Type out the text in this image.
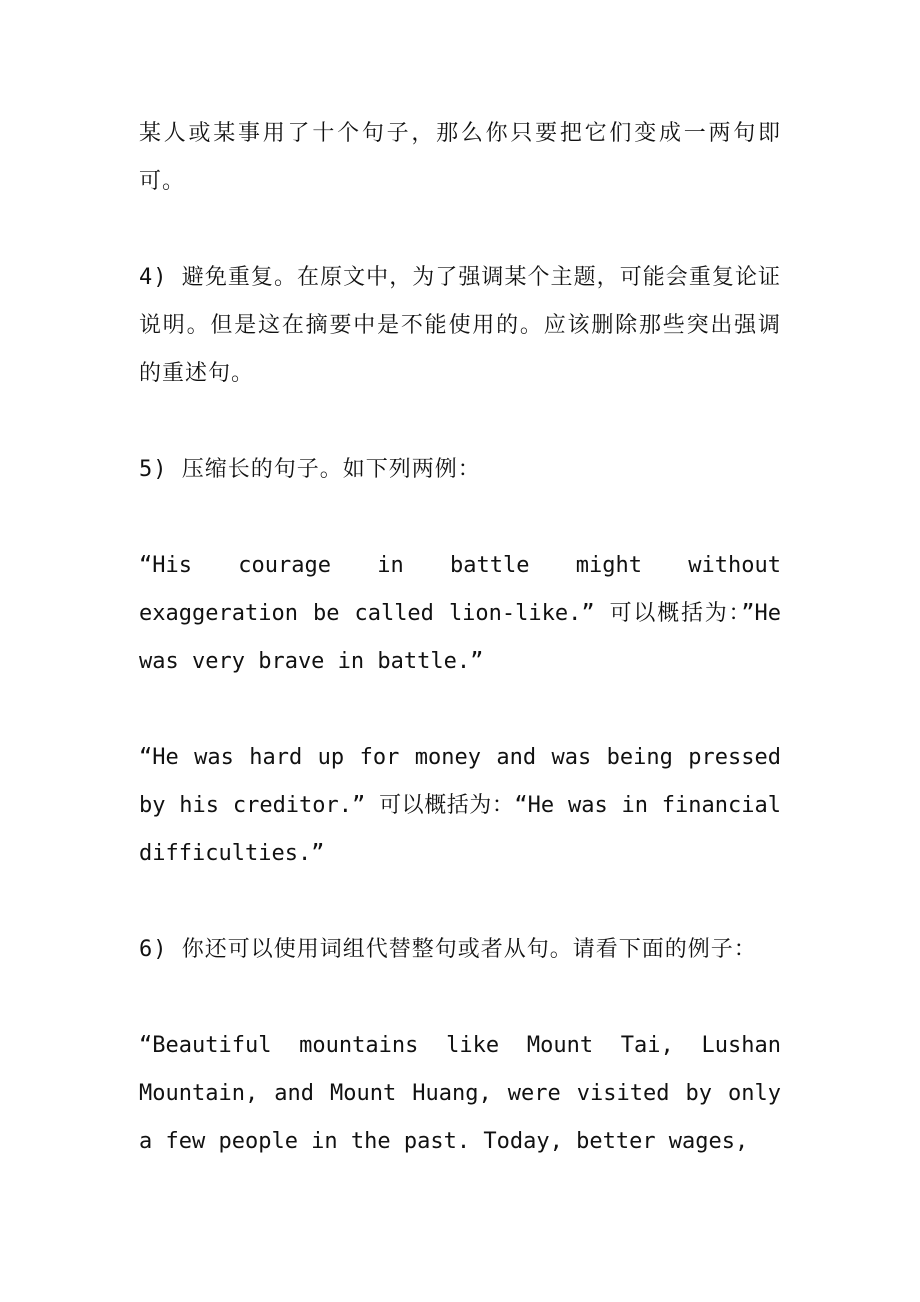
某人或某事用了十个句子，那么你只要把它们变成一两句即可。

4) 避免重复。在原文中，为了强调某个主题，可能会重复论证说明。但是这在摘要中是不能使用的。应该删除那些突出强调的重述句。

5) 压缩长的句子。如下列两例：

“His courage in battle might without exaggeration be called lion-like.” 可以概括为：”He was very brave in battle.”

“He was hard up for money and was being pressed by his creditor.” 可以概括为：“He was in financial difficulties.”

6) 你还可以使用词组代替整句或者从句。请看下面的例子：

“Beautiful mountains like Mount Tai, Lushan Mountain, and Mount Huang, were visited by only a few people in the past. Today, better wages,
